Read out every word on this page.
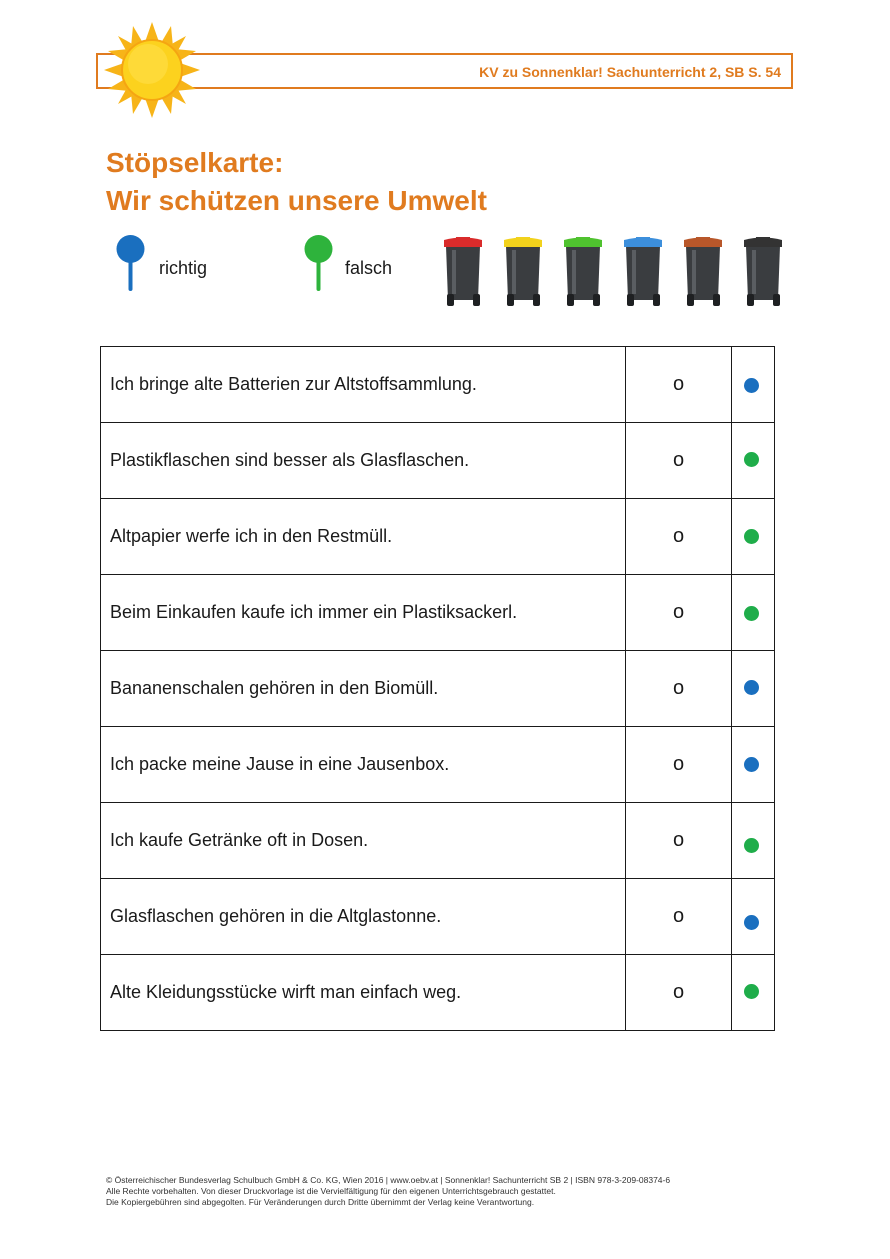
KV zu Sonnenklar! Sachunterricht 2, SB S. 54
Stöpselkarte:
Wir schützen unsere Umwelt
richtig	falsch
Ich bringe alte Batterien zur Altstoffsammlung.	o	

Plastikflaschen sind besser als Glasflaschen.	o	

Altpapier werfe ich in den Restmüll.	o	

Beim Einkaufen kaufe ich immer ein Plastiksackerl.	o	

Bananenschalen gehören in den Biomüll.	o	

Ich packe meine Jause in eine Jausenbox.	o	

Ich kaufe Getränke oft in Dosen.	o	

Glasflaschen gehören in die Altglastonne.	o	

Alte Kleidungsstücke wirft man einfach weg.	o	
© Österreichischer Bundesverlag Schulbuch GmbH & Co. KG, Wien 2016 | www.oebv.at | Sonnenklar! Sachunterricht SB 2 | ISBN 978-3-209-08374-6
Alle Rechte vorbehalten. Von dieser Druckvorlage ist die Vervielfältigung für den eigenen Unterrichtsgebrauch gestattet.
Die Kopiergebühren sind abgegolten. Für Veränderungen durch Dritte übernimmt der Verlag keine Verantwortung.
